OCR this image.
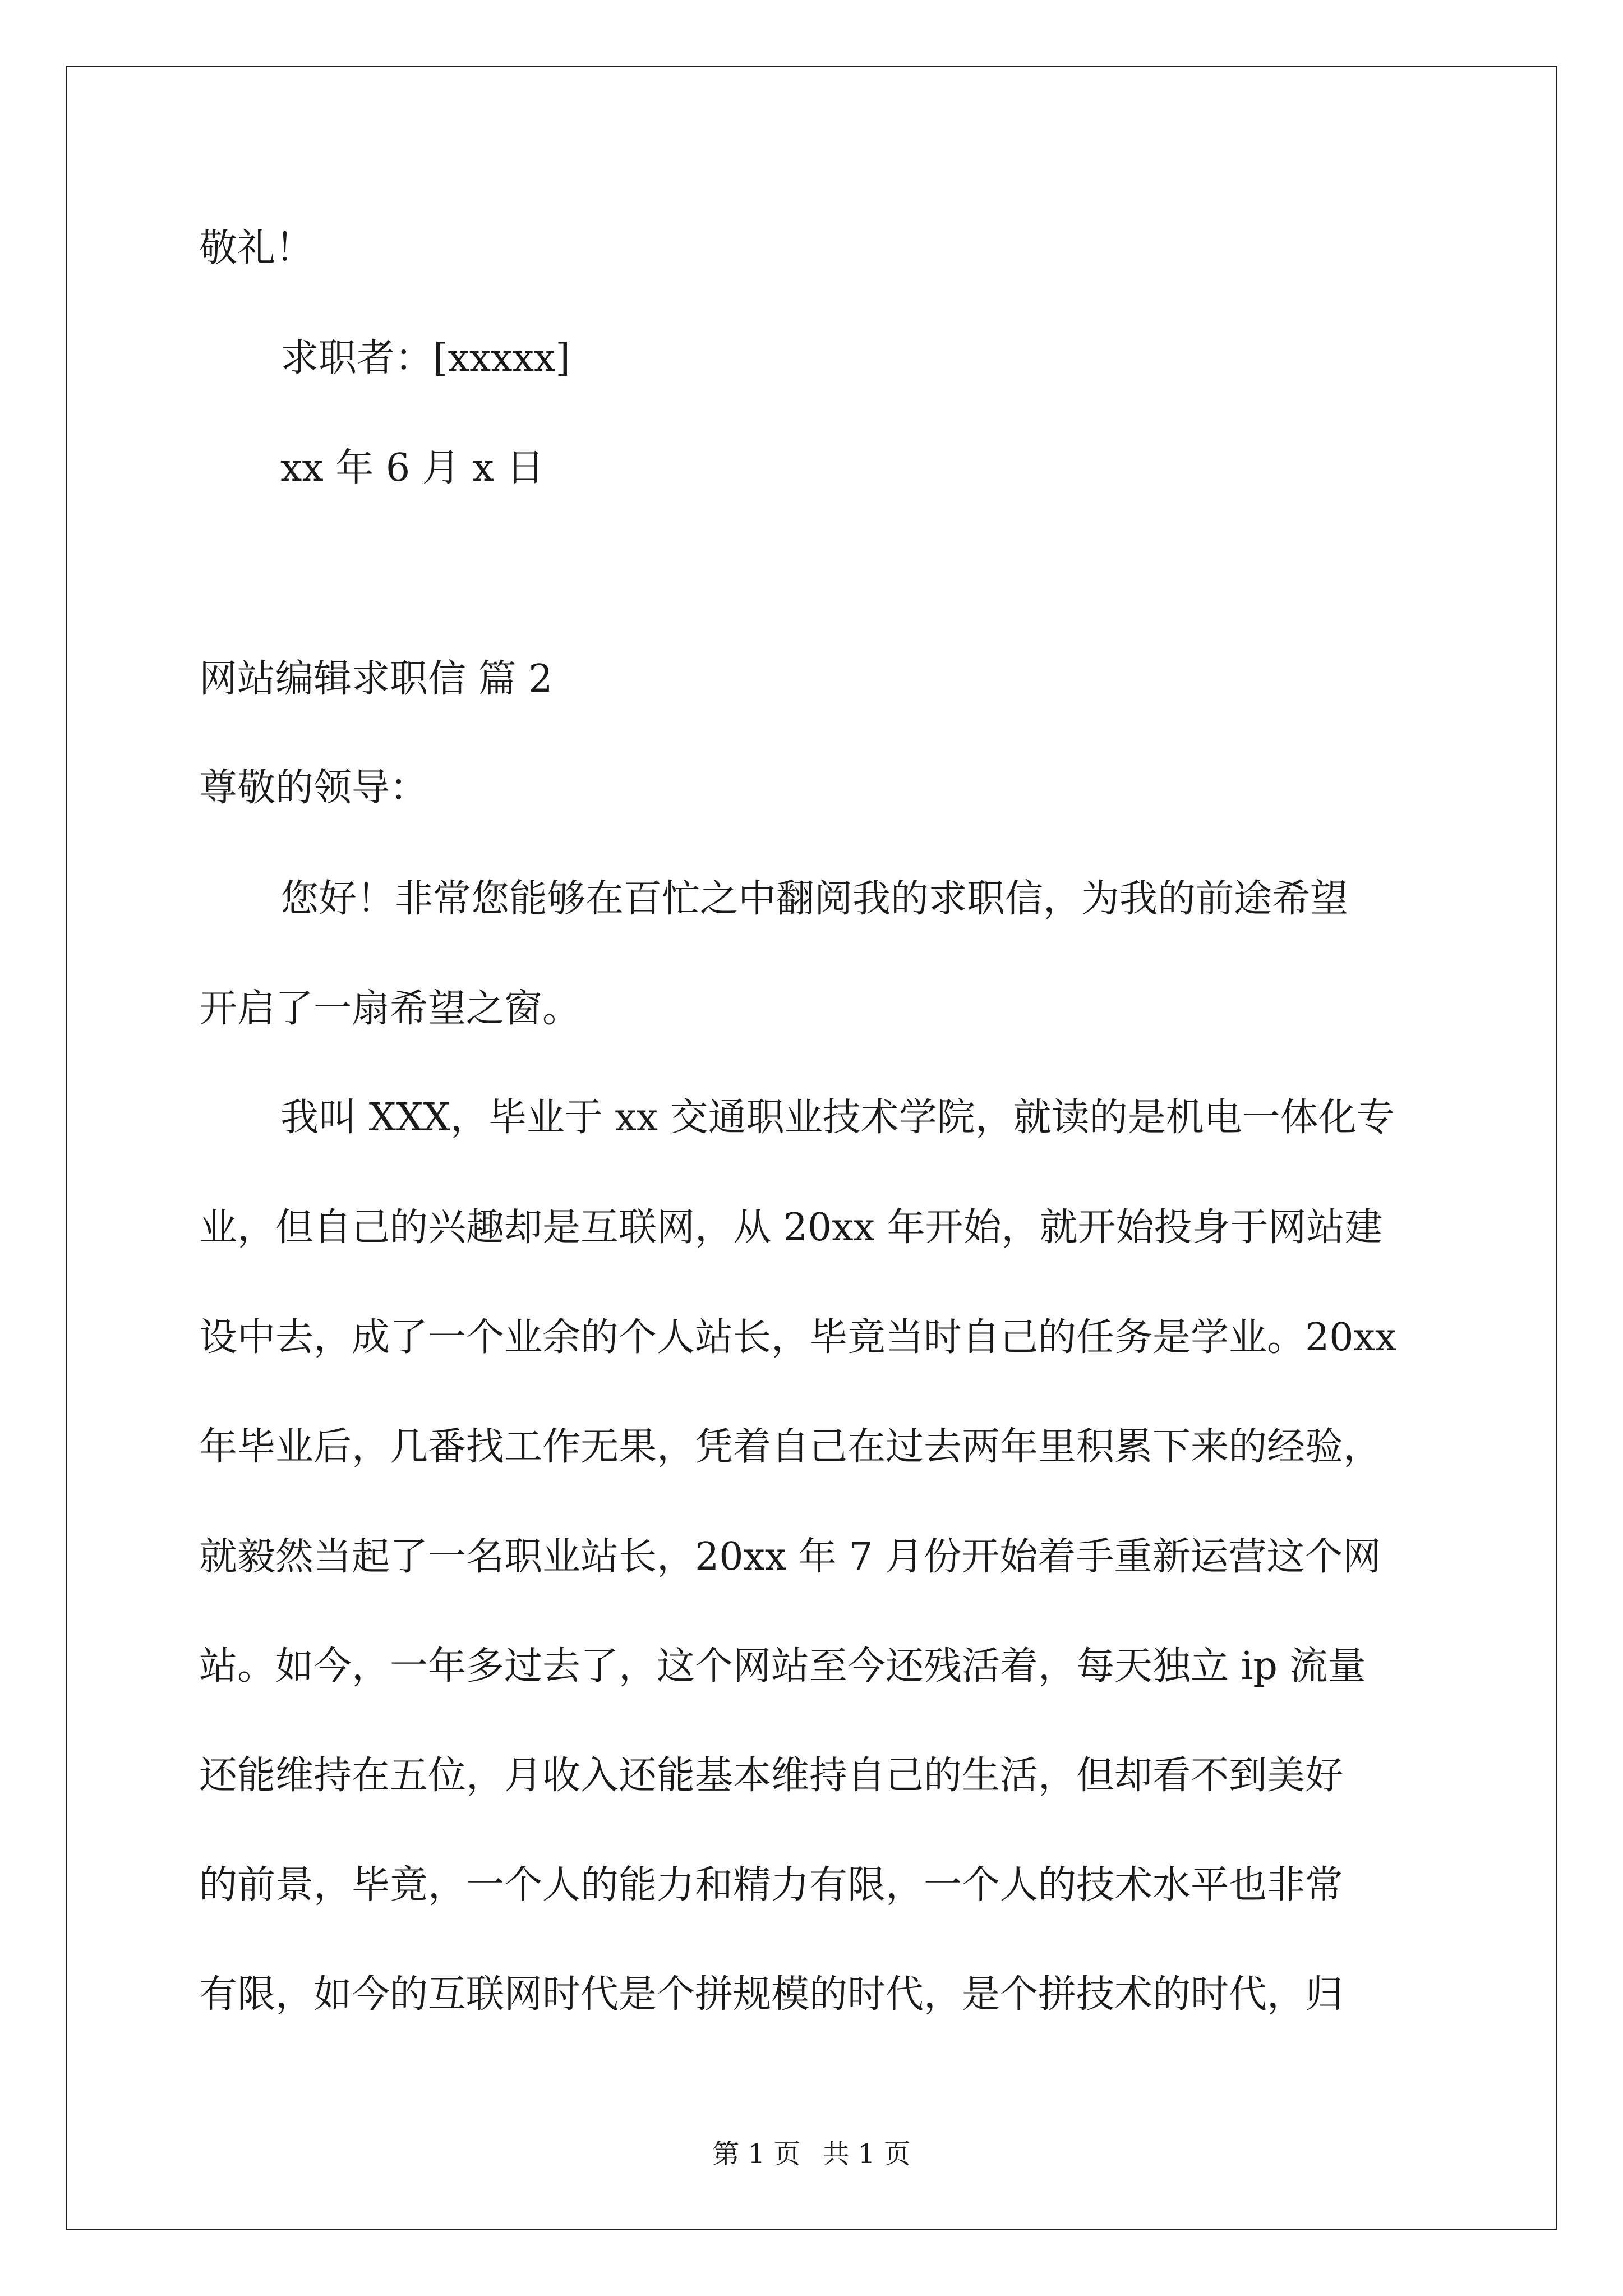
敬礼！
求职者：[xxxxx]
xx 年 6 月 x 日
网站编辑求职信 篇 2
尊敬的领导：
您好！非常您能够在百忙之中翻阅我的求职信，为我的前途希望
开启了一扇希望之窗。
我叫 XXX，毕业于 xx 交通职业技术学院，就读的是机电一体化专
业，但自己的兴趣却是互联网，从 20xx 年开始，就开始投身于网站建
设中去，成了一个业余的个人站长，毕竟当时自己的任务是学业。20xx
年毕业后，几番找工作无果，凭着自己在过去两年里积累下来的经验，
就毅然当起了一名职业站长，20xx 年 7 月份开始着手重新运营这个网
站。如今，一年多过去了，这个网站至今还残活着，每天独立 ip 流量
还能维持在五位，月收入还能基本维持自己的生活，但却看不到美好
的前景，毕竟，一个人的能力和精力有限，一个人的技术水平也非常
有限，如今的互联网时代是个拼规模的时代，是个拼技术的时代，归
第 1 页 共 1 页
